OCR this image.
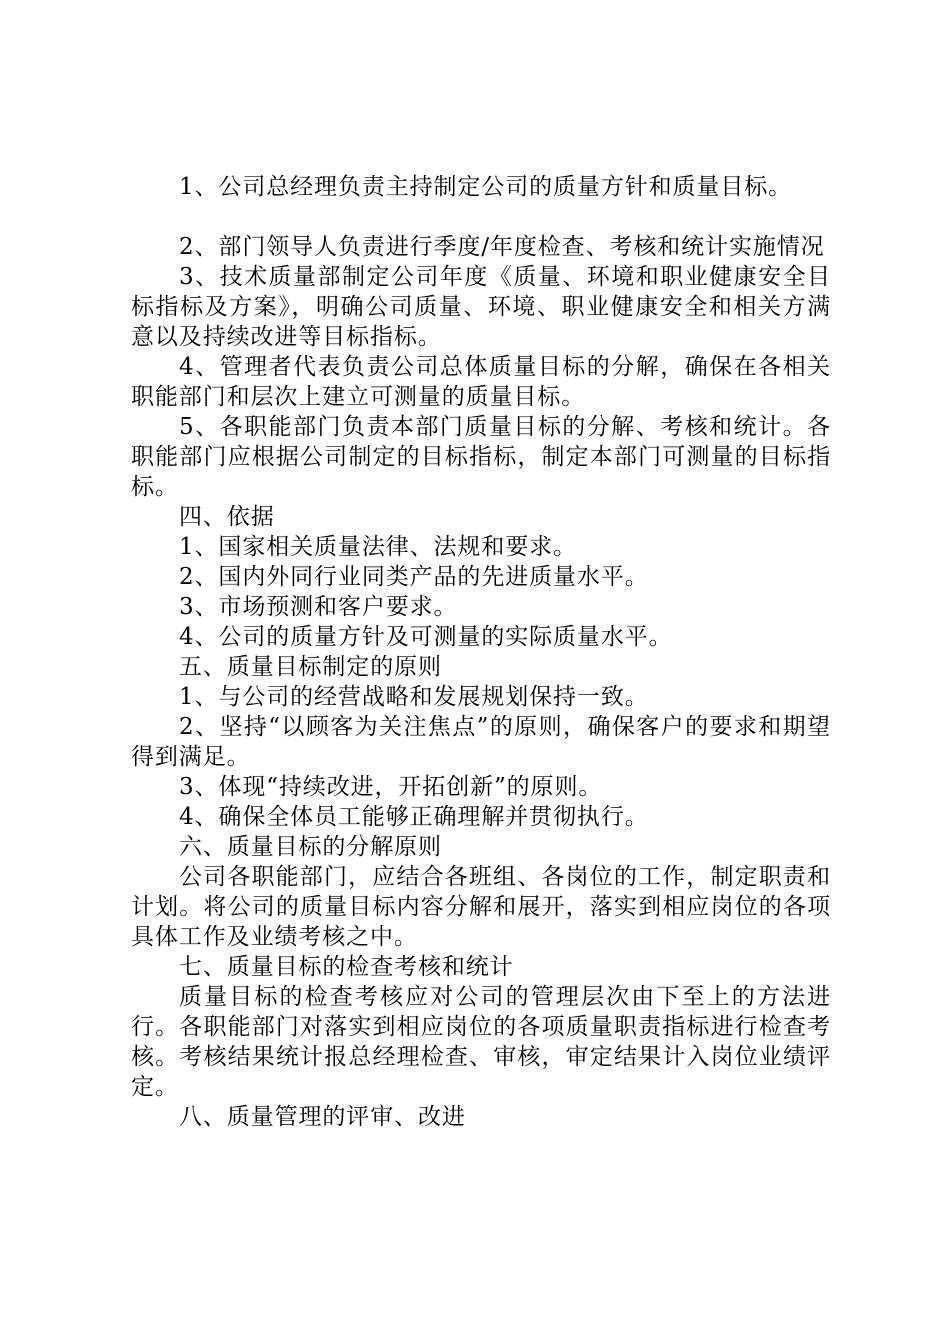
1、公司总经理负责主持制定公司的质量方针和质量目标。

2、部门领导人负责进行季度/年度检查、考核和统计实施情况

3、技术质量部制定公司年度《质量、环境和职业健康安全目标指标及方案》，明确公司质量、环境、职业健康安全和相关方满意以及持续改进等目标指标。

4、管理者代表负责公司总体质量目标的分解，确保在各相关职能部门和层次上建立可测量的质量目标。

5、各职能部门负责本部门质量目标的分解、考核和统计。各职能部门应根据公司制定的目标指标，制定本部门可测量的目标指标。

四、依据

1、国家相关质量法律、法规和要求。

2、国内外同行业同类产品的先进质量水平。

3、市场预测和客户要求。

4、公司的质量方针及可测量的实际质量水平。

五、质量目标制定的原则

1、与公司的经营战略和发展规划保持一致。

2、坚持“以顾客为关注焦点”的原则，确保客户的要求和期望得到满足。

3、体现“持续改进，开拓创新”的原则。

4、确保全体员工能够正确理解并贯彻执行。

六、质量目标的分解原则

公司各职能部门，应结合各班组、各岗位的工作，制定职责和计划。将公司的质量目标内容分解和展开，落实到相应岗位的各项具体工作及业绩考核之中。

七、质量目标的检查考核和统计

质量目标的检查考核应对公司的管理层次由下至上的方法进行。各职能部门对落实到相应岗位的各项质量职责指标进行检查考核。考核结果统计报总经理检查、审核，审定结果计入岗位业绩评定。

八、质量管理的评审、改进
